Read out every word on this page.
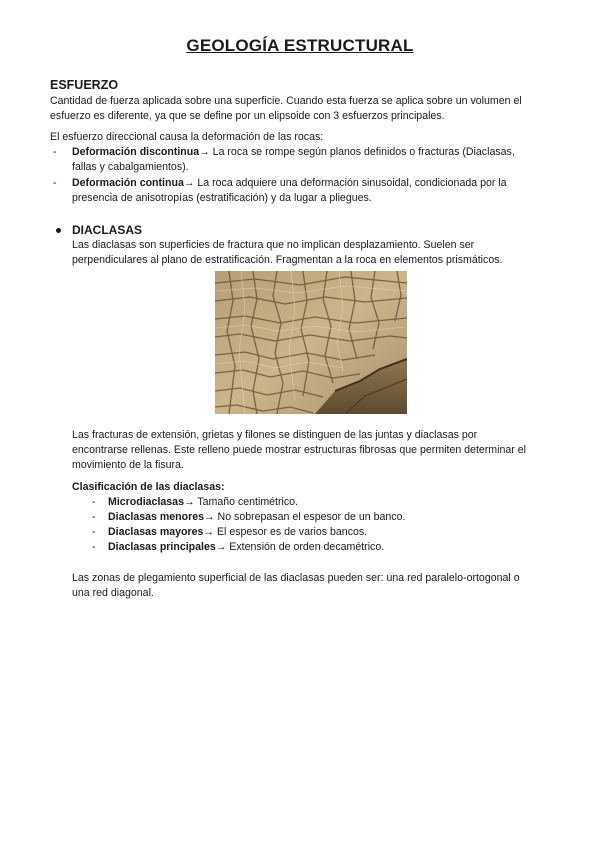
GEOLOGÍA ESTRUCTURAL
ESFUERZO
Cantidad de fuerza aplicada sobre una superficie. Cuando esta fuerza se aplica sobre un volumen el
esfuerzo es diferente, ya que se define por un elipsoide con 3 esfuerzos principales.
El esfuerzo direccional causa la deformación de las rocas:
- Deformación discontinua→ La roca se rompe según planos definidos o fracturas (Diaclasas,
fallas y cabalgamientos).
- Deformación continua→ La roca adquiere una deformación sinusoidal, condicionada por la
presencia de anisotropías (estratificación) y da lugar a pliegues.
DIACLASAS
Las diaclasas son superficies de fractura que no implican desplazamiento. Suelen ser
perpendiculares al plano de estratificación. Fragmentan a la roca en elementos prismáticos.
Las fracturas de extensión, grietas y filones se distinguen de las juntas y diaclasas por
encontrarse rellenas. Este relleno puede mostrar estructuras fibrosas que permiten determinar el
movimiento de la fisura.
Clasificación de las diaclasas:
- Microdiaclasas→ Tamaño centimétrico.
- Diaclasas menores→ No sobrepasan el espesor de un banco.
- Diaclasas mayores→ El espesor es de varios bancos.
- Diaclasas principales→ Extensión de orden decamétrico.
Las zonas de plegamiento superficial de las diaclasas pueden ser: una red paralelo-ortogonal o
una red diagonal.
